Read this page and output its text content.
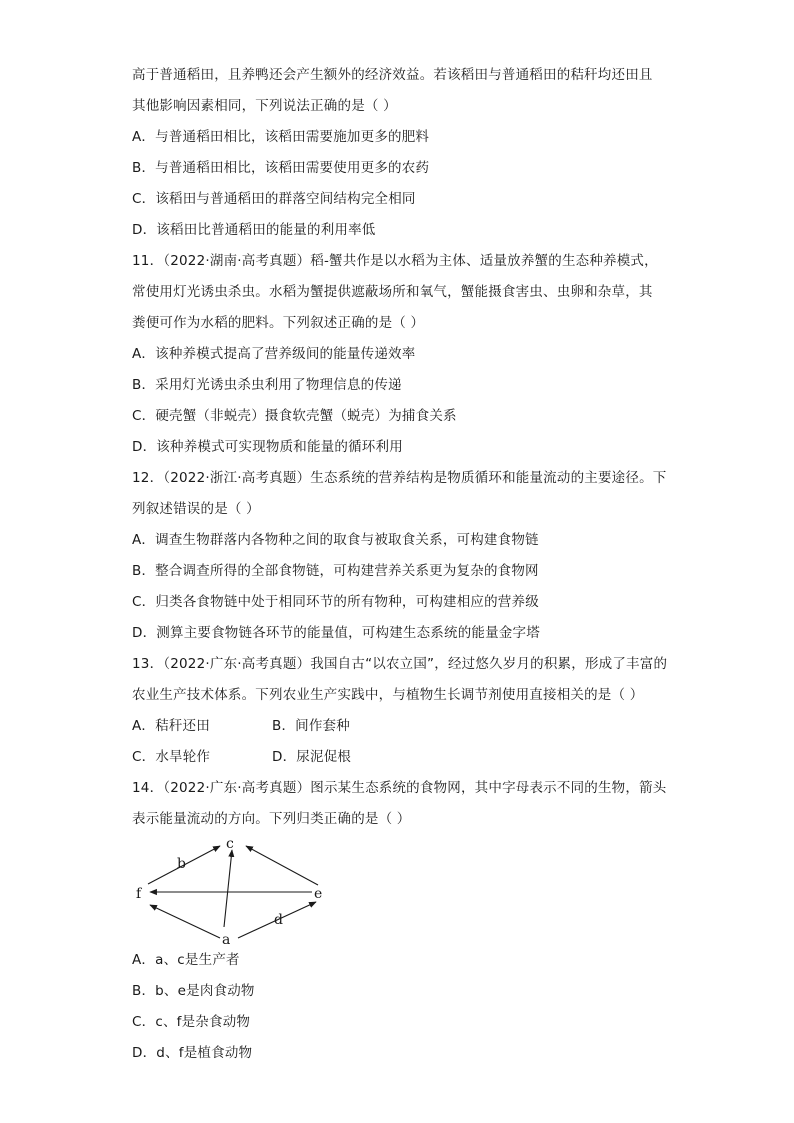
高于普通稻田，且养鸭还会产生额外的经济效益。若该稻田与普通稻田的秸秆均还田且
其他影响因素相同，下列说法正确的是（ ）
A．与普通稻田相比，该稻田需要施加更多的肥料
B．与普通稻田相比，该稻田需要使用更多的农药
C．该稻田与普通稻田的群落空间结构完全相同
D．该稻田比普通稻田的能量的利用率低
11．（2022·湖南·高考真题）稻-蟹共作是以水稻为主体、适量放养蟹的生态种养模式，
常使用灯光诱虫杀虫。水稻为蟹提供遮蔽场所和氧气，蟹能摄食害虫、虫卵和杂草，其
粪便可作为水稻的肥料。下列叙述正确的是（ ）
A．该种养模式提高了营养级间的能量传递效率
B．采用灯光诱虫杀虫利用了物理信息的传递
C．硬壳蟹（非蜕壳）摄食软壳蟹（蜕壳）为捕食关系
D．该种养模式可实现物质和能量的循环利用
12．（2022·浙江·高考真题）生态系统的营养结构是物质循环和能量流动的主要途径。下
列叙述错误的是（ ）
A．调查生物群落内各物种之间的取食与被取食关系，可构建食物链
B．整合调查所得的全部食物链，可构建营养关系更为复杂的食物网
C．归类各食物链中处于相同环节的所有物种，可构建相应的营养级
D．测算主要食物链各环节的能量值，可构建生态系统的能量金字塔
13．（2022·广东·高考真题）我国自古“以农立国”，经过悠久岁月的积累，形成了丰富的
农业生产技术体系。下列农业生产实践中，与植物生长调节剂使用直接相关的是（ ）
A．秸秆还田	B．间作套种
C．水旱轮作	D．尿泥促根
14．（2022·广东·高考真题）图示某生态系统的食物网，其中字母表示不同的生物，箭头
表示能量流动的方向。下列归类正确的是（ ）
c
b
f	e
d
a
A．a、c是生产者
B．b、e是肉食动物
C．c、f是杂食动物
D．d、f是植食动物
